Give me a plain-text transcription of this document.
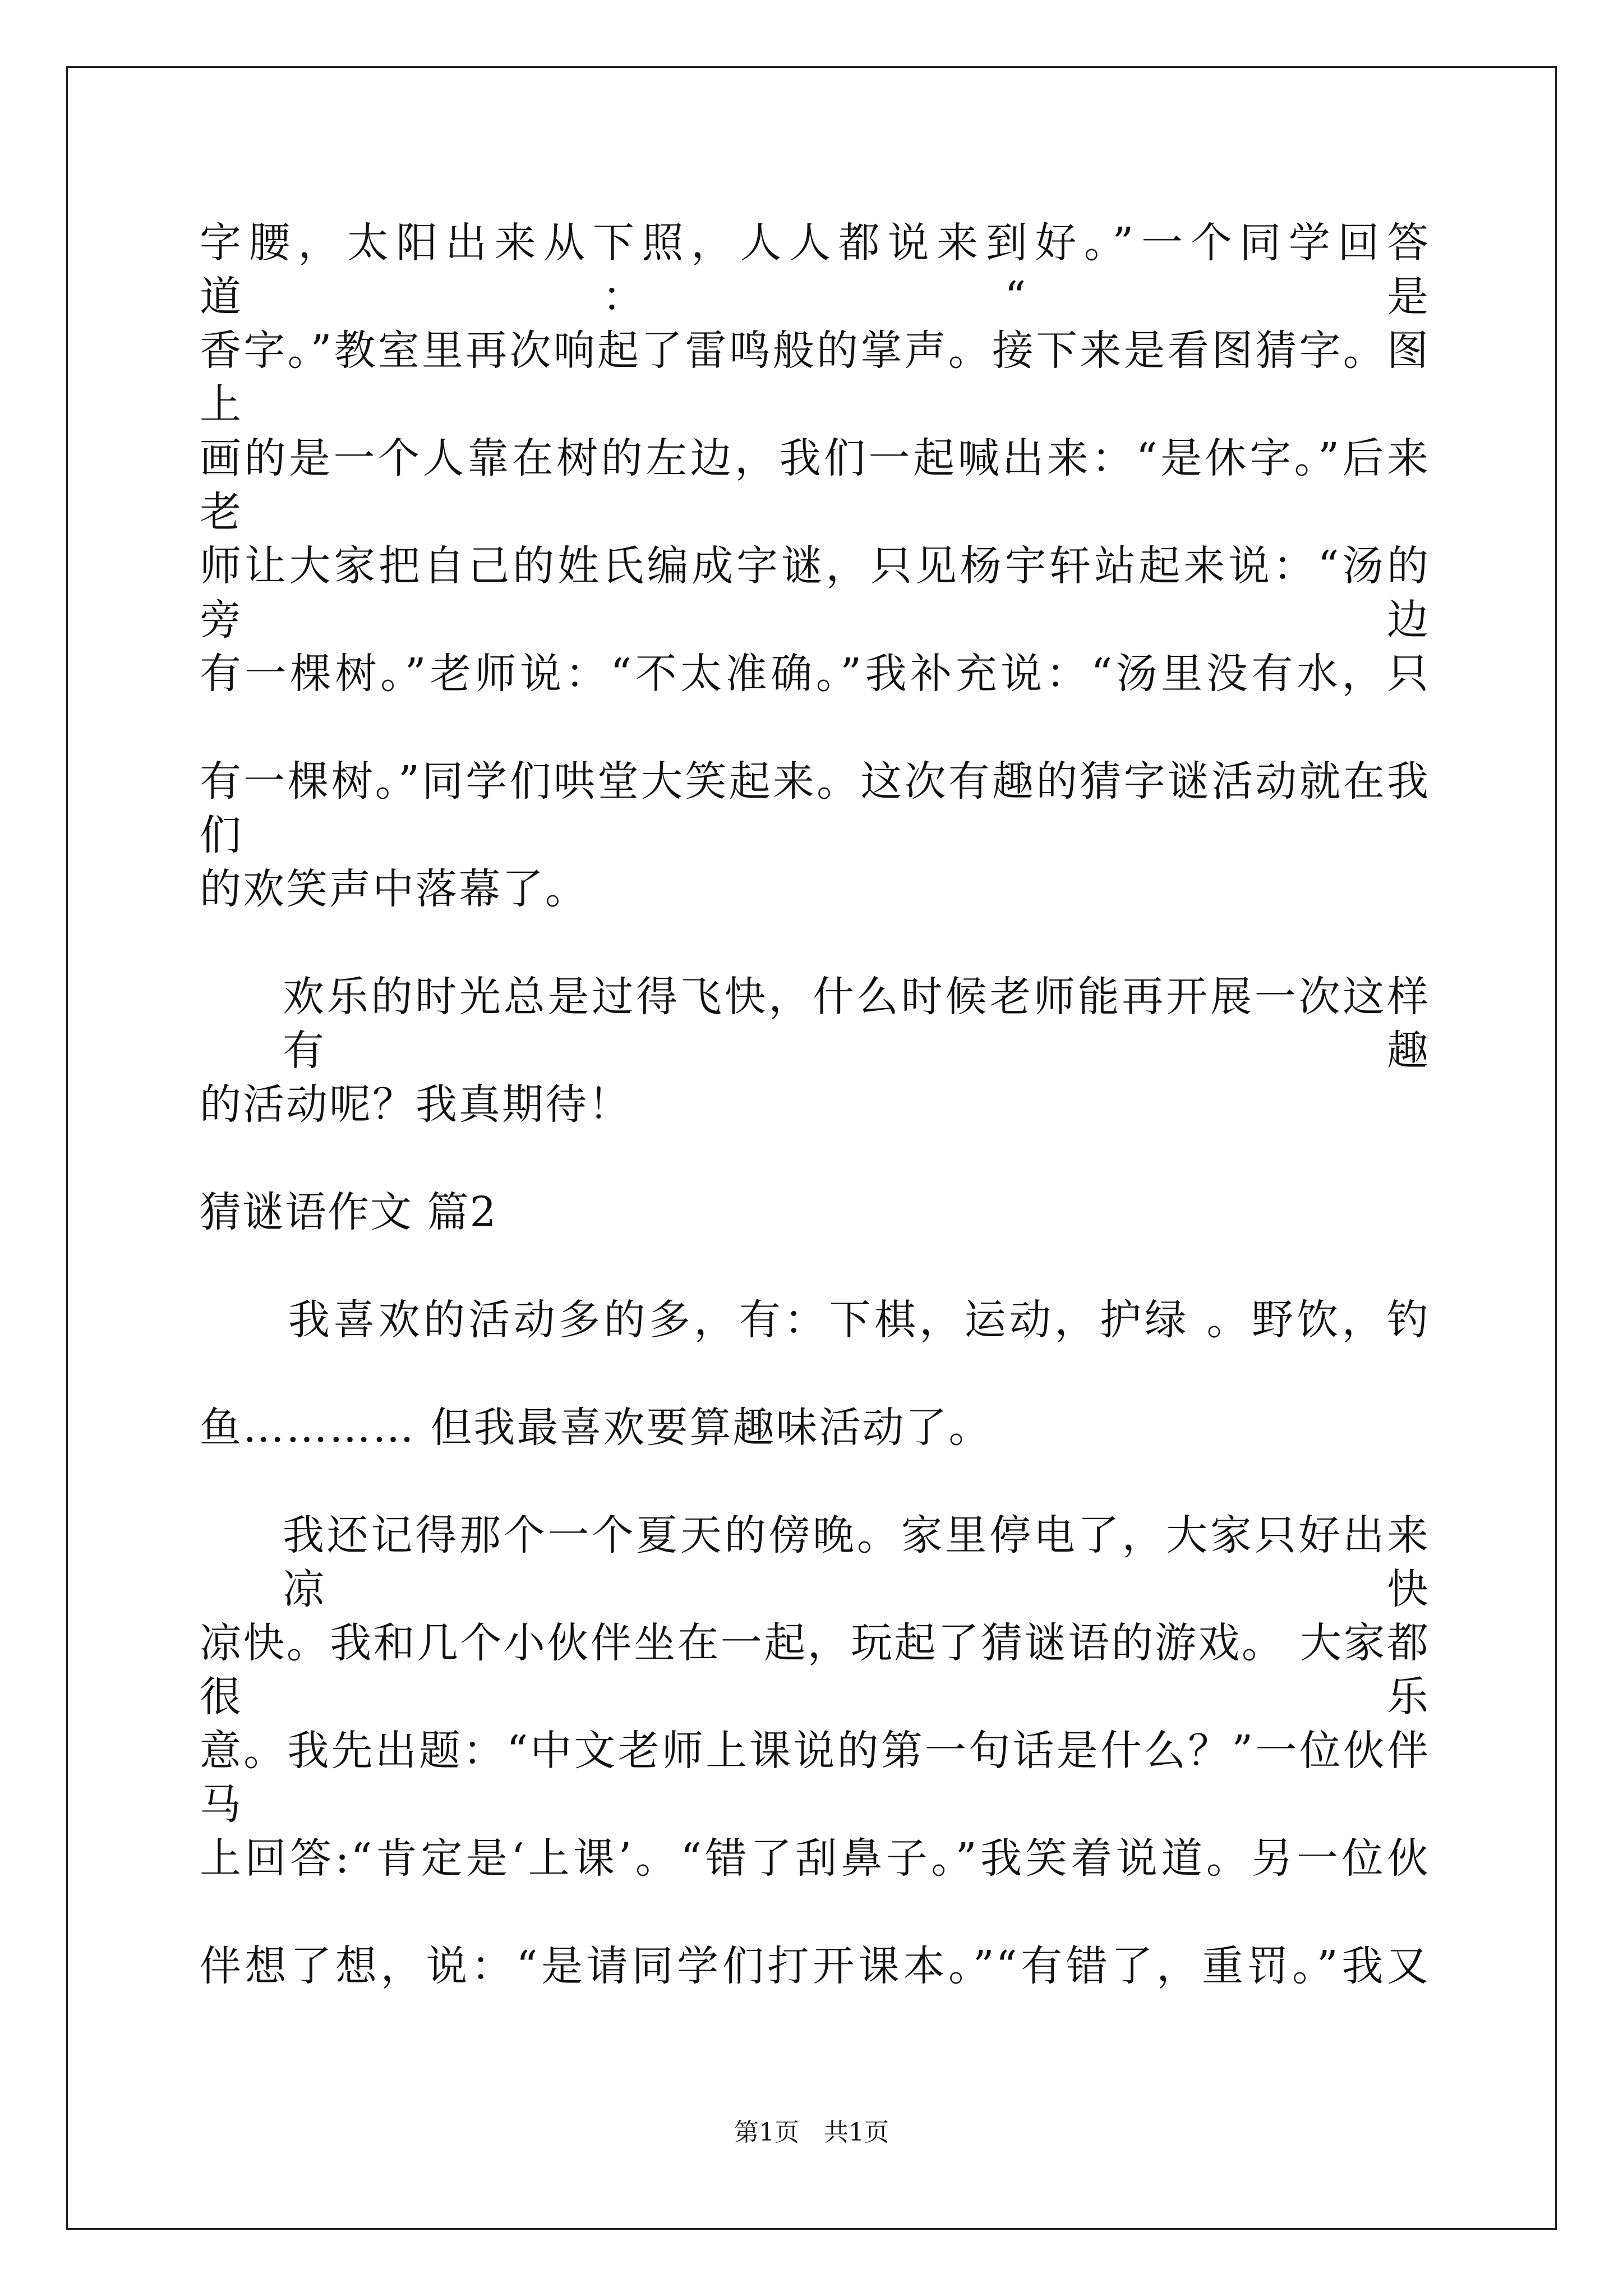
字腰，太阳出来从下照，人人都说来到好。”一个同学回答道：“是
香字。”教室里再次响起了雷鸣般的掌声。接下来是看图猜字。图上
画的是一个人靠在树的左边，我们一起喊出来：“是休字。”后来老
师让大家把自己的姓氏编成字谜，只见杨宇轩站起来说：“汤的旁边
有一棵树。”老师说：“不太准确。”我补充说：“汤里没有水，只
有一棵树。”同学们哄堂大笑起来。这次有趣的猜字谜活动就在我们
的欢笑声中落幕了。
欢乐的时光总是过得飞快，什么时候老师能再开展一次这样有趣
的活动呢？我真期待！
猜谜语作文 篇2
我喜欢的活动多的多，有：下棋，运动，护绿 。野饮，钓
鱼………… 但我最喜欢要算趣味活动了。
我还记得那个一个夏天的傍晚。家里停电了，大家只好出来凉快
凉快。我和几个小伙伴坐在一起，玩起了猜谜语的游戏。 大家都很乐
意。我先出题：“中文老师上课说的第一句话是什么？”一位伙伴马
上回答:“肯定是‘上课’。“错了刮鼻子。”我笑着说道。另一位伙
伴想了想，说：“是请同学们打开课本。”“有错了，重罚。”我又
第1页　共1页
